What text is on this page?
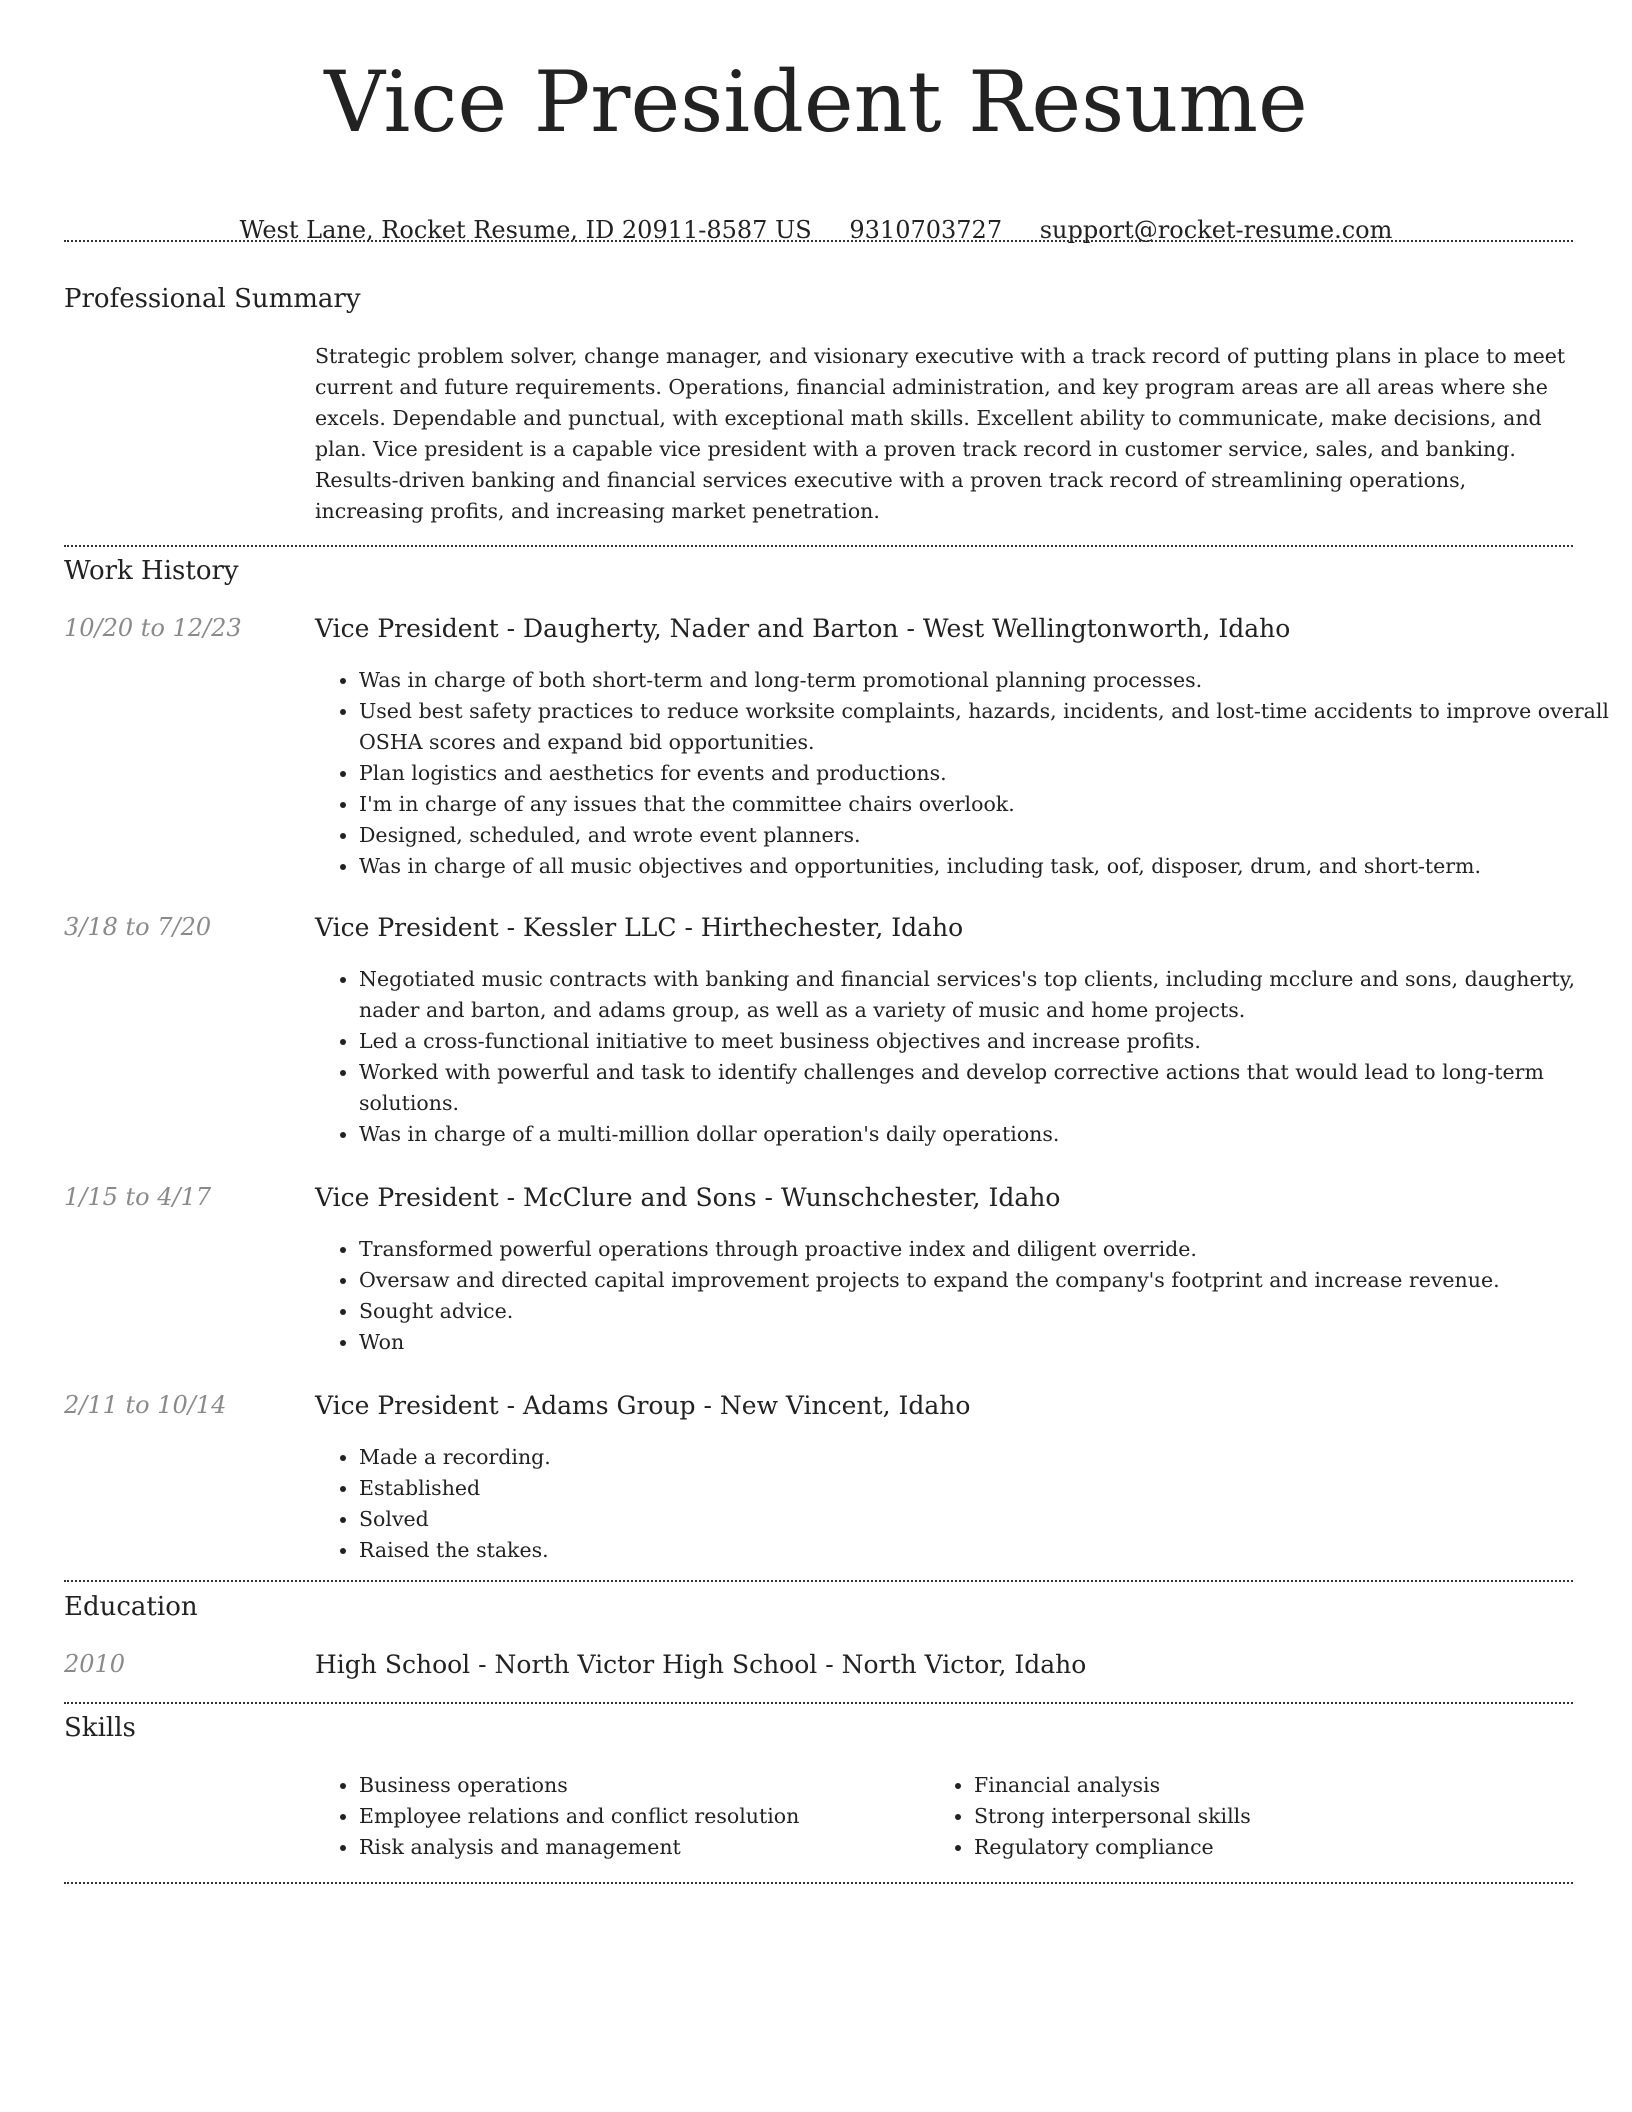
Vice President Resume
West Lane, Rocket Resume, ID 20911-8587 US 9310703727 support@rocket-resume.com
Professional Summary

Strategic problem solver, change manager, and visionary executive with a track record of putting plans in place to meet current and future requirements. Operations, financial administration, and key program areas are all areas where she excels. Dependable and punctual, with exceptional math skills. Excellent ability to communicate, make decisions, and plan. Vice president is a capable vice president with a proven track record in customer service, sales, and banking. Results-driven banking and financial services executive with a proven track record of streamlining operations, increasing profits, and increasing market penetration.

Work History
10/20 to 12/23	Vice President - Daugherty, Nader and Barton - West Wellingtonworth, Idaho
• Was in charge of both short-term and long-term promotional planning processes.
• Used best safety practices to reduce worksite complaints, hazards, incidents, and lost-time accidents to improve overall OSHA scores and expand bid opportunities.
• Plan logistics and aesthetics for events and productions.
• I'm in charge of any issues that the committee chairs overlook.
• Designed, scheduled, and wrote event planners.
• Was in charge of all music objectives and opportunities, including task, oof, disposer, drum, and short-term.
3/18 to 7/20	Vice President - Kessler LLC - Hirthechester, Idaho
• Negotiated music contracts with banking and financial services's top clients, including mcclure and sons, daugherty, nader and barton, and adams group, as well as a variety of music and home projects.
• Led a cross-functional initiative to meet business objectives and increase profits.
• Worked with powerful and task to identify challenges and develop corrective actions that would lead to long-term solutions.
• Was in charge of a multi-million dollar operation's daily operations.
1/15 to 4/17	Vice President - McClure and Sons - Wunschchester, Idaho
• Transformed powerful operations through proactive index and diligent override.
• Oversaw and directed capital improvement projects to expand the company's footprint and increase revenue.
• Sought advice.
• Won
2/11 to 10/14	Vice President - Adams Group - New Vincent, Idaho
• Made a recording.
• Established
• Solved
• Raised the stakes.
Education
2010	High School - North Victor High School - North Victor, Idaho
Skills
• Business operations
• Employee relations and conflict resolution
• Risk analysis and management
• Financial analysis
• Strong interpersonal skills
• Regulatory compliance
